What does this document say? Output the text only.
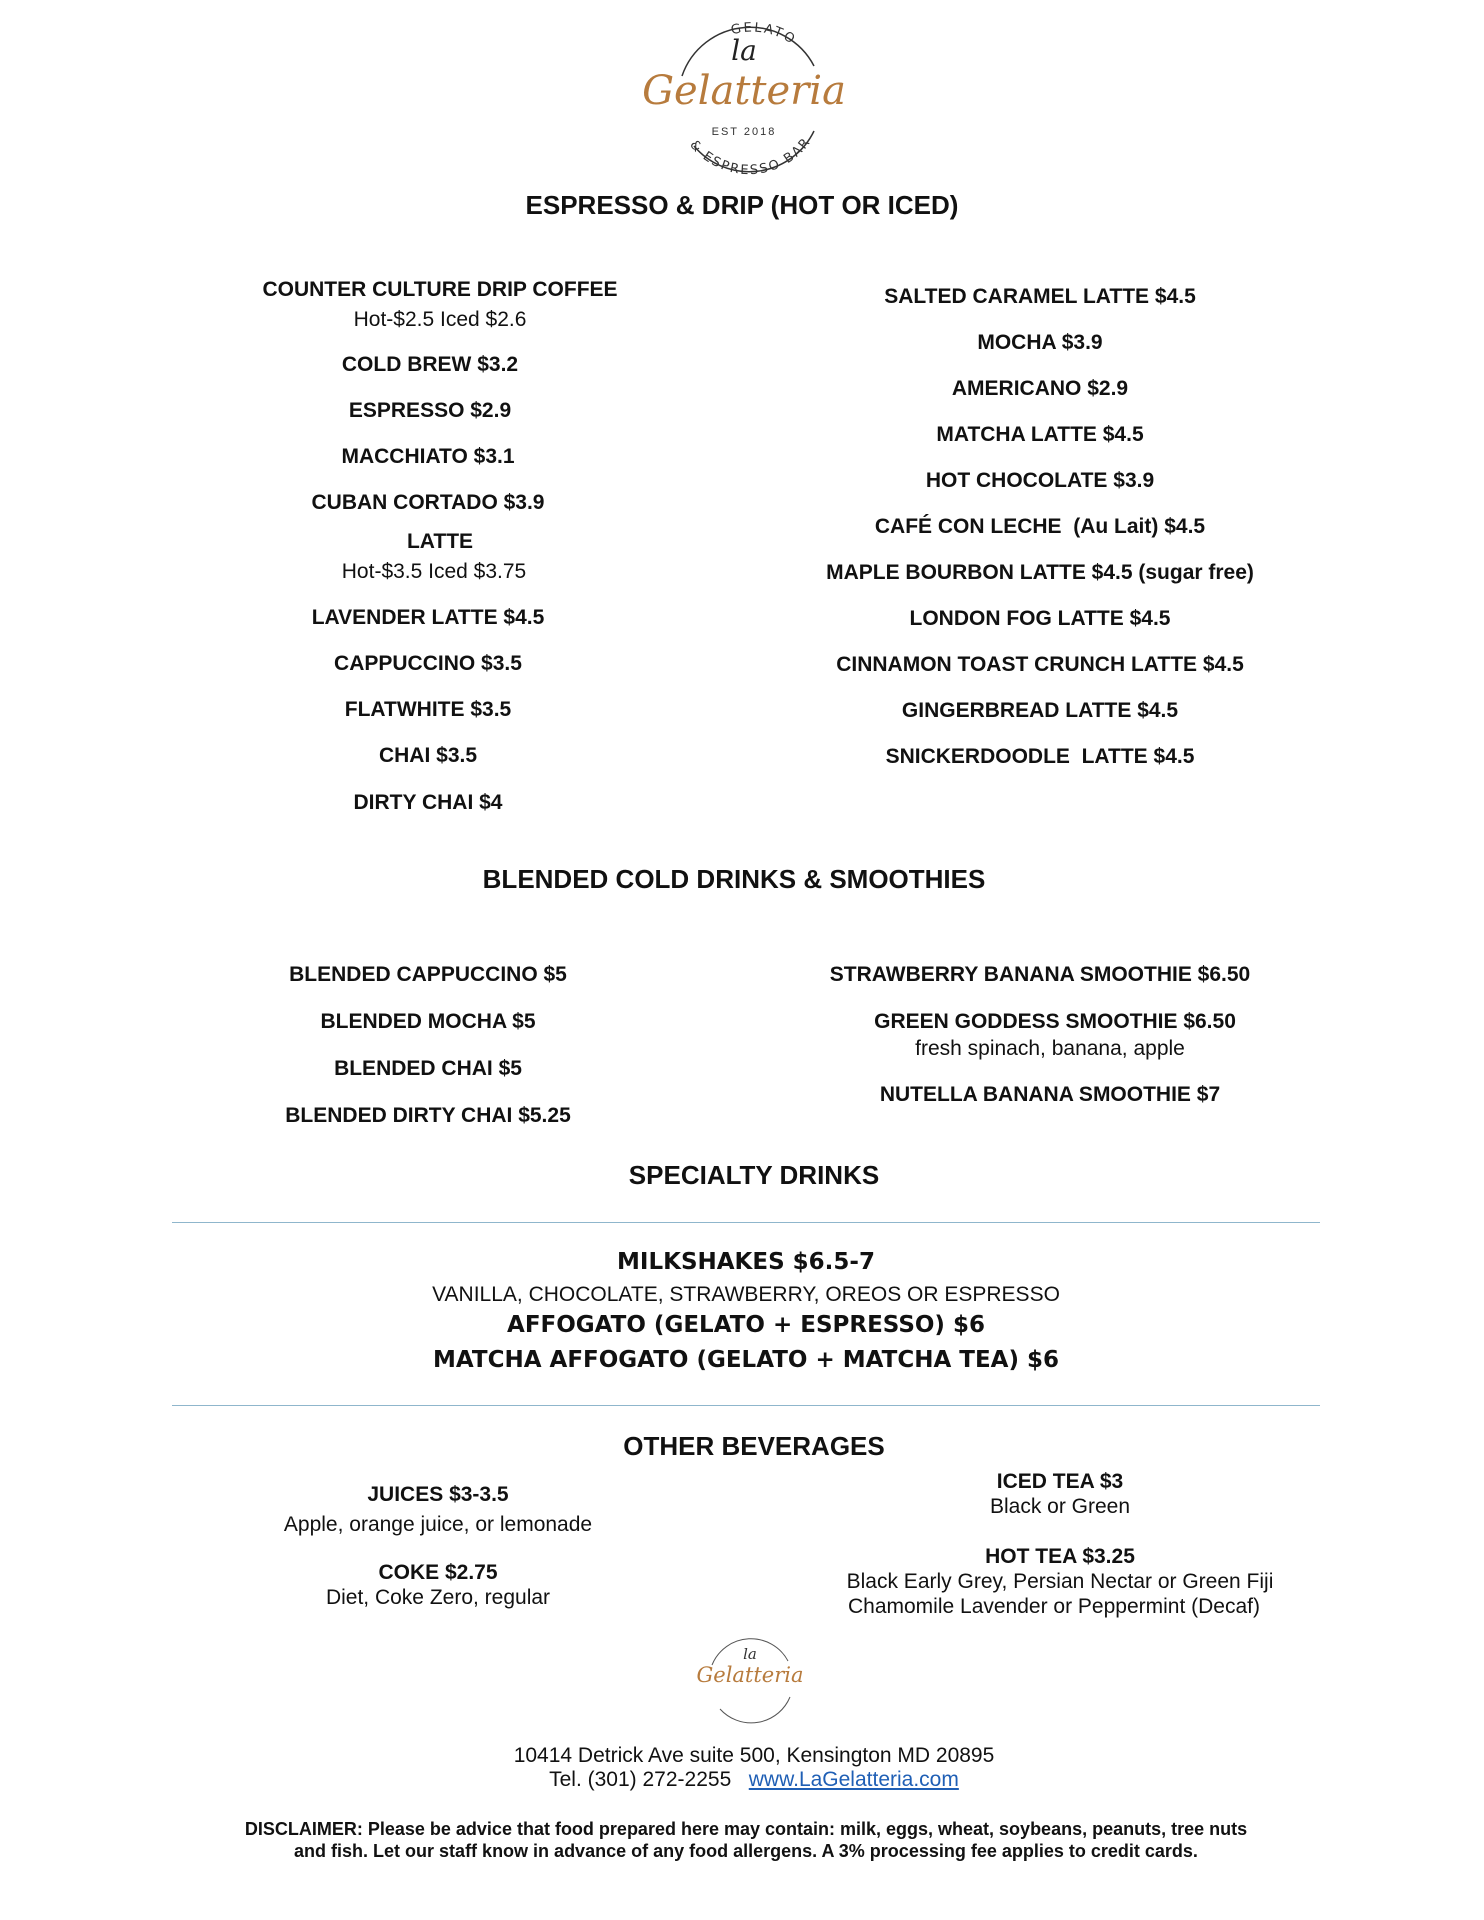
GELATO
& ESPRESSO BAR
la
Gelatteria
EST 2018
ESPRESSO & DRIP (HOT OR ICED)
COUNTER CULTURE DRIP COFFEE
Hot-$2.5 Iced $2.6
COLD BREW $3.2
ESPRESSO $2.9
MACCHIATO $3.1
CUBAN CORTADO $3.9
LATTE
Hot-$3.5 Iced $3.75
LAVENDER LATTE $4.5
CAPPUCCINO $3.5
FLATWHITE $3.5
CHAI $3.5
DIRTY CHAI $4
SALTED CARAMEL LATTE $4.5
MOCHA $3.9
AMERICANO $2.9
MATCHA LATTE $4.5
HOT CHOCOLATE $3.9
CAFÉ CON LECHE  (Au Lait) $4.5
MAPLE BOURBON LATTE $4.5 (sugar free)
LONDON FOG LATTE $4.5
CINNAMON TOAST CRUNCH LATTE $4.5
GINGERBREAD LATTE $4.5
SNICKERDOODLE  LATTE $4.5
BLENDED COLD DRINKS & SMOOTHIES
BLENDED CAPPUCCINO $5
BLENDED MOCHA $5
BLENDED CHAI $5
BLENDED DIRTY CHAI $5.25
STRAWBERRY BANANA SMOOTHIE $6.50
GREEN GODDESS SMOOTHIE $6.50
fresh spinach, banana, apple
NUTELLA BANANA SMOOTHIE $7
SPECIALTY DRINKS
MILKSHAKES $6.5-7
VANILLA, CHOCOLATE, STRAWBERRY, OREOS OR ESPRESSO
AFFOGATO (GELATO + ESPRESSO) $6
MATCHA AFFOGATO (GELATO + MATCHA TEA) $6
OTHER BEVERAGES
JUICES $3-3.5
Apple, orange juice, or lemonade
COKE $2.75
Diet, Coke Zero, regular
ICED TEA $3
Black or Green
HOT TEA $3.25
Black Early Grey, Persian Nectar or Green Fiji
Chamomile Lavender or Peppermint (Decaf)
la
Gelatteria
10414 Detrick Ave suite 500, Kensington MD 20895
Tel. (301) 272-2255 www.LaGelatteria.com
DISCLAIMER: Please be advice that food prepared here may contain: milk, eggs, wheat, soybeans, peanuts, tree nuts
and fish. Let our staff know in advance of any food allergens. A 3% processing fee applies to credit cards.
